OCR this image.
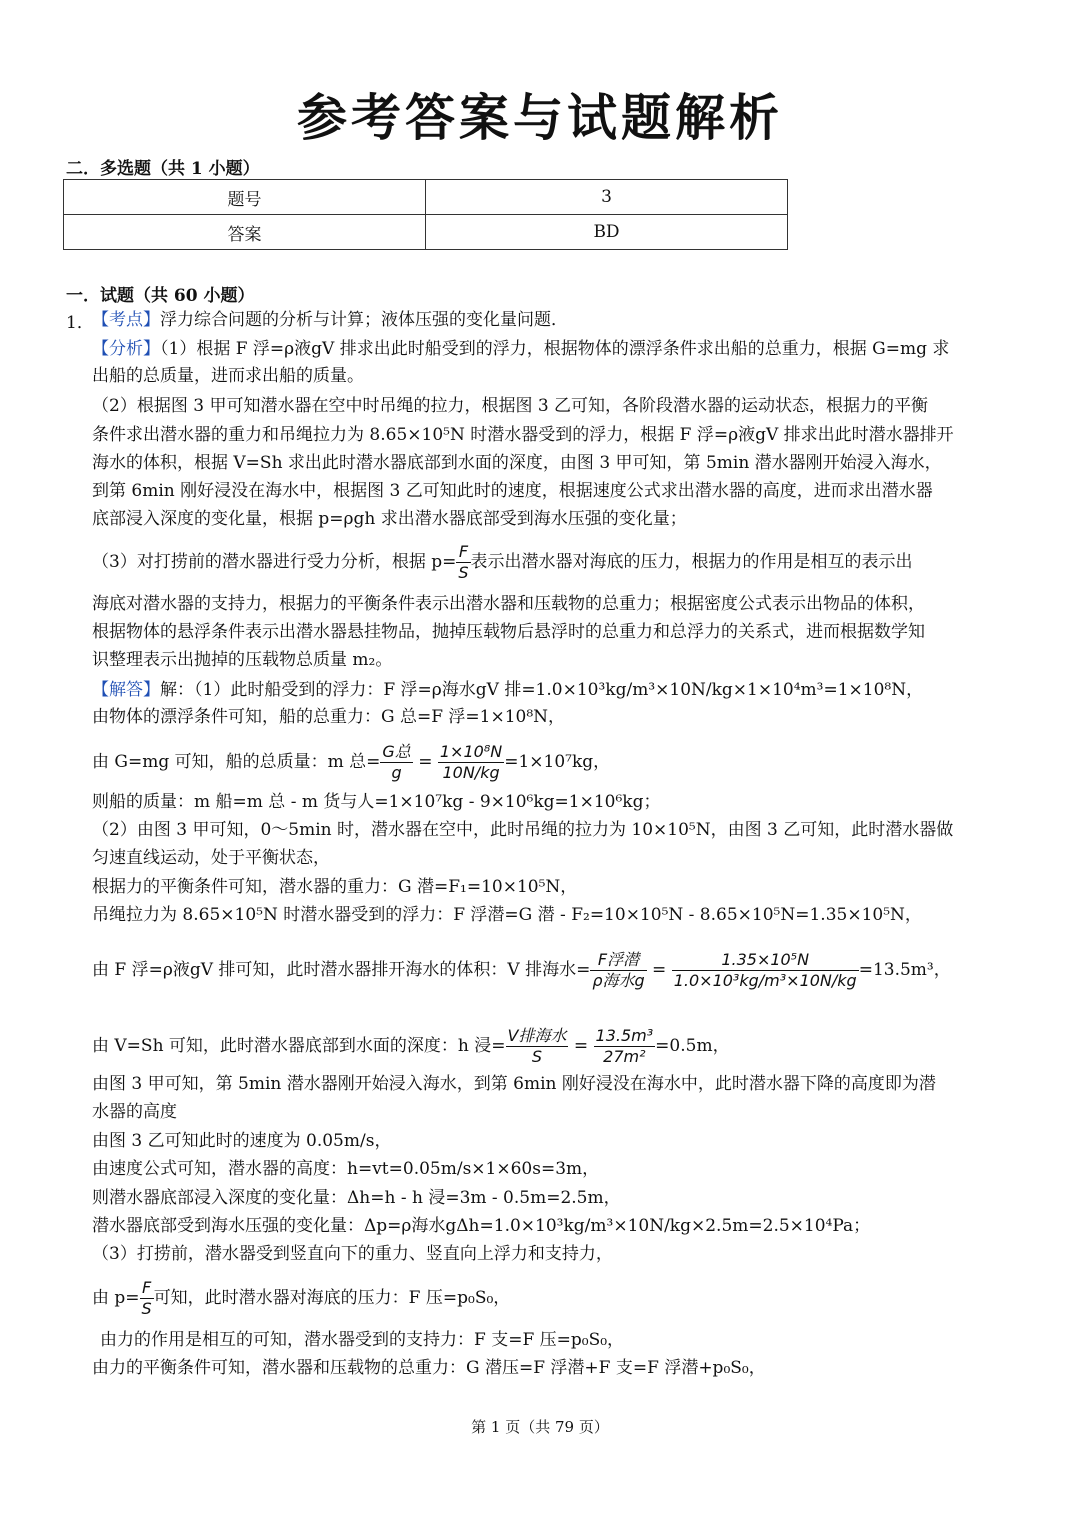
参考答案与试题解析
二．多选题（共 1 小题）
题号	3
答案	BD
一．试题（共 60 小题）
1．
【考点】浮力综合问题的分析与计算；液体压强的变化量问题．
【分析】（1）根据 F 浮=ρ液gV 排求出此时船受到的浮力，根据物体的漂浮条件求出船的总重力，根据 G=mg 求
出船的总质量，进而求出船的质量。
（2）根据图 3 甲可知潜水器在空中时吊绳的拉力，根据图 3 乙可知，各阶段潜水器的运动状态，根据力的平衡
条件求出潜水器的重力和吊绳拉力为 8.65×10⁵N 时潜水器受到的浮力，根据 F 浮=ρ液gV 排求出此时潜水器排开
海水的体积，根据 V=Sh 求出此时潜水器底部到水面的深度，由图 3 甲可知，第 5min 潜水器刚开始浸入海水，
到第 6min 刚好浸没在海水中，根据图 3 乙可知此时的速度，根据速度公式求出潜水器的高度，进而求出潜水器
底部浸入深度的变化量，根据 p=ρgh 求出潜水器底部受到海水压强的变化量；
（3）对打捞前的潜水器进行受力分析，根据 $p= \frac{F}{S}$ 表示出潜水器对海底的压力，根据力的作用是相互的表示出
海底对潜水器的支持力，根据力的平衡条件表示出潜水器和压载物的总重力；根据密度公式表示出物品的体积，
根据物体的悬浮条件表示出潜水器悬挂物品，抛掉压载物后悬浮时的总重力和总浮力的关系式，进而根据数学知
识整理表示出抛掉的压载物总质量 m₂。
【解答】解：（1）此时船受到的浮力：F 浮=ρ海水gV 排=1.0×10³kg/m³×10N/kg×1×10⁴m³=1×10⁸N，
由物体的漂浮条件可知，船的总重力：G 总=F 浮=1×10⁸N，
由 G=mg 可知，船的总质量：m 总= $\frac{\text{G总}}{g} = \frac{\text{1×10⁸N}}{10N/kg} =1\times 10^7kg$，
则船的质量：m 船=m 总 - m 货与人=1×10⁷kg - 9×10⁶kg=1×10⁶kg；
（2）由图 3 甲可知，0～5min 时，潜水器在空中，此时吊绳的拉力为 10×10⁵N，由图 3 乙可知，此时潜水器做
匀速直线运动，处于平衡状态，
根据力的平衡条件可知，潜水器的重力：G 潜=F₁=10×10⁵N，
吊绳拉力为 8.65×10⁵N 时潜水器受到的浮力：F 浮潜=G 潜 - F₂=10×10⁵N - 8.65×10⁵N=1.35×10⁵N，
由 F 浮=ρ液gV 排可知，此时潜水器排开海水的体积：V 排海水= $\frac{\text{F浮潜}}{\text{ρ海水g}} = \frac{\text{1.35×10⁵N}}{\text{1.0×10³kg/m³×10N/kg}} =13.5m^3$，
由 V=Sh 可知，此时潜水器底部到水面的深度：h 浸= $\frac{\text{V排海水}}{S} = \frac{\text{13.5m³}}{\text{27m²}} =0.5m$，
由图 3 甲可知，第 5min 潜水器刚开始浸入海水，到第 6min 刚好浸没在海水中，此时潜水器下降的高度即为潜
水器的高度
由图 3 乙可知此时的速度为 0.05m/s，
由速度公式可知，潜水器的高度：h=vt=0.05m/s×1×60s=3m，
则潜水器底部浸入深度的变化量：Δh=h - h 浸=3m - 0.5m=2.5m，
潜水器底部受到海水压强的变化量：Δp=ρ海水gΔh=1.0×10³kg/m³×10N/kg×2.5m=2.5×10⁴Pa；
（3）打捞前，潜水器受到竖直向下的重力、竖直向上浮力和支持力，
由 $p= \frac{F}{S}$ 可知，此时潜水器对海底的压力：F 压=p₀S₀，
由力的作用是相互的可知，潜水器受到的支持力：F 支=F 压=p₀S₀，
由力的平衡条件可知，潜水器和压载物的总重力：G 潜压=F 浮潜+F 支=F 浮潜+p₀S₀，
第 1 页（共 79 页）
